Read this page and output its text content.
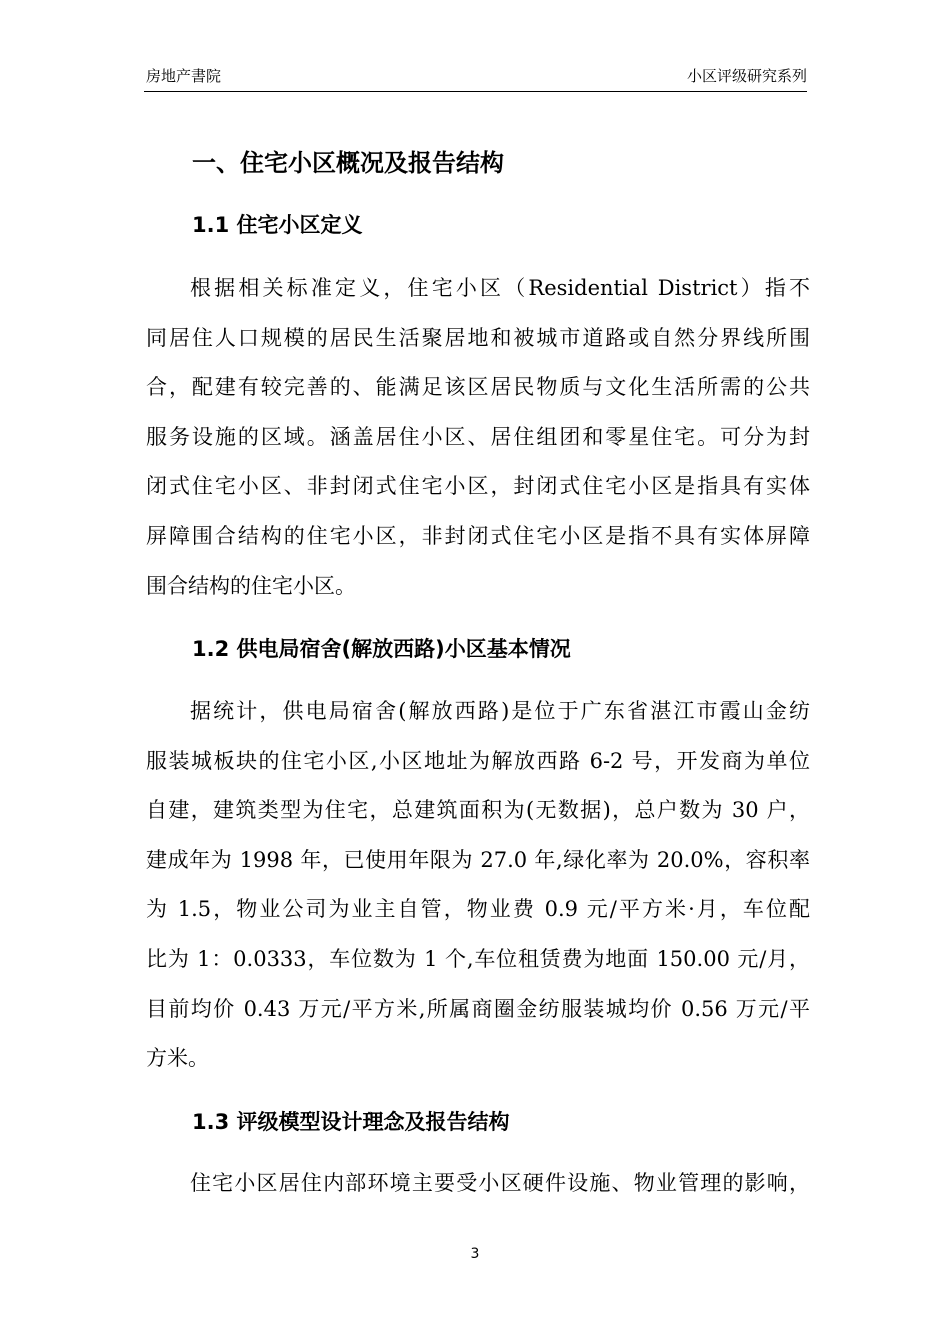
房地产書院	小区评级研究系列
一、住宅小区概况及报告结构
1.1 住宅小区定义
根据相关标准定义，住宅小区（Residential District）指不
同居住人口规模的居民生活聚居地和被城市道路或自然分界线所围
合，配建有较完善的、能满足该区居民物质与文化生活所需的公共
服务设施的区域。涵盖居住小区、居住组团和零星住宅。可分为封
闭式住宅小区、非封闭式住宅小区，封闭式住宅小区是指具有实体
屏障围合结构的住宅小区，非封闭式住宅小区是指不具有实体屏障
围合结构的住宅小区。
1.2 供电局宿舍(解放西路)小区基本情况
据统计，供电局宿舍(解放西路)是位于广东省湛江市霞山金纺
服装城板块的住宅小区,小区地址为解放西路 6-2 号，开发商为单位
自建，建筑类型为住宅，总建筑面积为(无数据)，总户数为 30 户，
建成年为 1998 年，已使用年限为 27.0 年,绿化率为 20.0%，容积率
为 1.5，物业公司为业主自管，物业费 0.9 元/平方米·月，车位配
比为 1：0.0333，车位数为 1 个,车位租赁费为地面 150.00 元/月，
目前均价 0.43 万元/平方米,所属商圈金纺服装城均价 0.56 万元/平
方米。
1.3 评级模型设计理念及报告结构
住宅小区居住内部环境主要受小区硬件设施、物业管理的影响，
3
